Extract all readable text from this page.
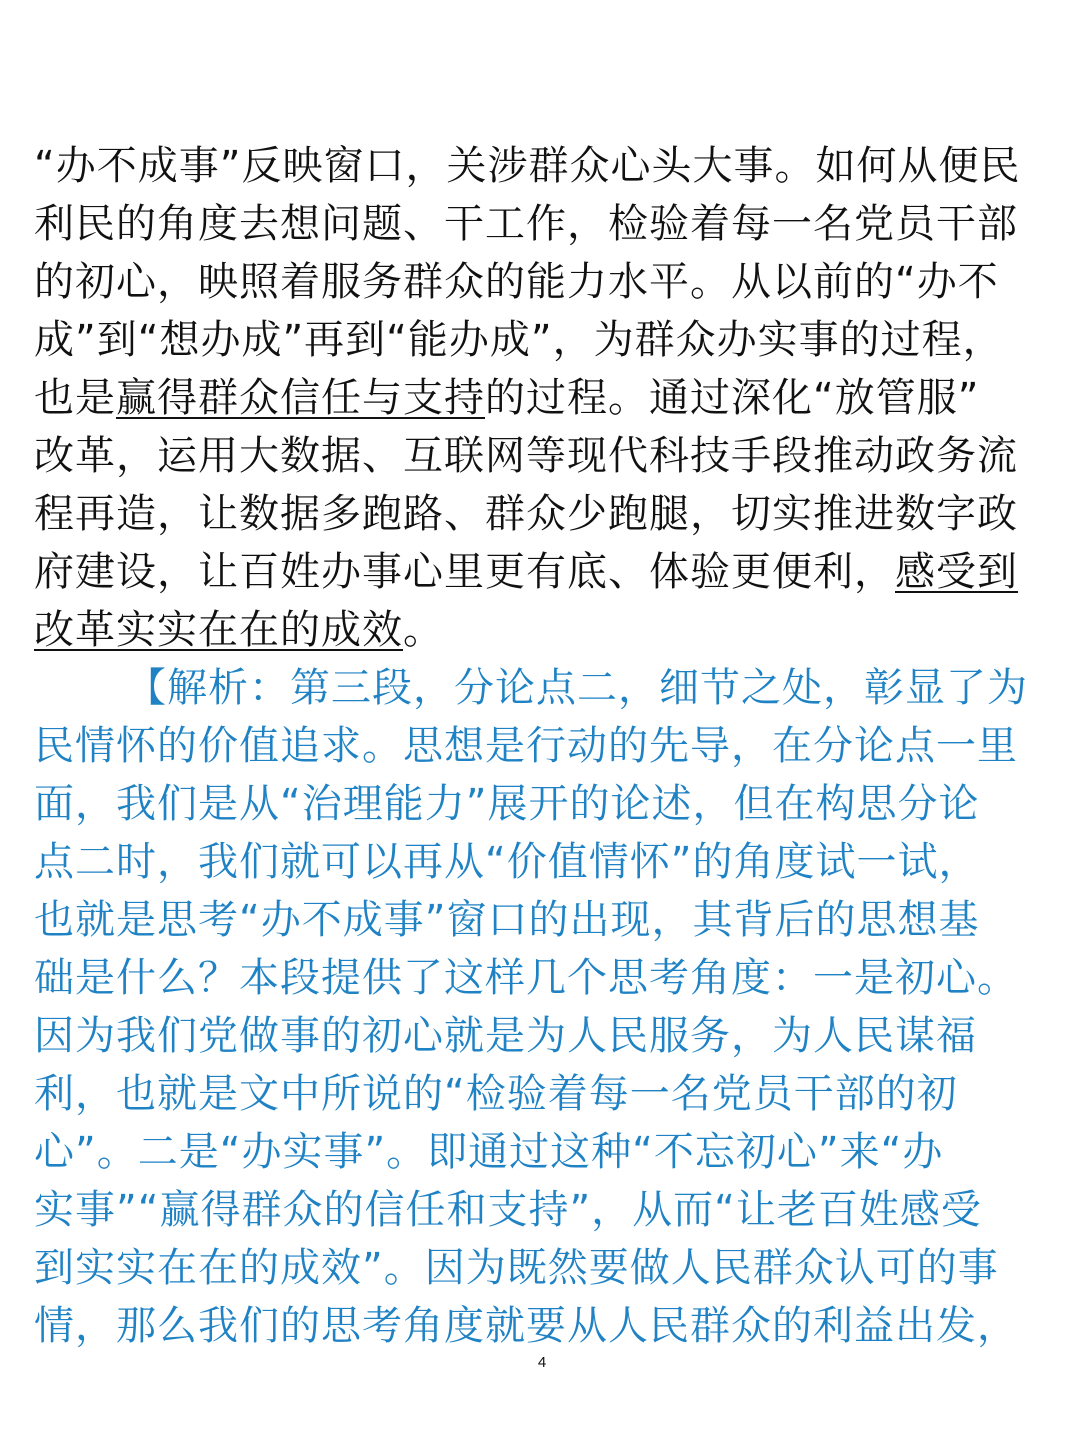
“办不成事”反映窗口，关涉群众心头大事。如何从便民
利民的角度去想问题、干工作，检验着每一名党员干部
的初心，映照着服务群众的能力水平。从以前的“办不
成”到“想办成”再到“能办成”，为群众办实事的过程，
也是赢得群众信任与支持的过程。通过深化“放管服”
改革，运用大数据、互联网等现代科技手段推动政务流
程再造，让数据多跑路、群众少跑腿，切实推进数字政
府建设，让百姓办事心里更有底、体验更便利，感受到
改革实实在在的成效。
【解析：第三段，分论点二，细节之处，彰显了为
民情怀的价值追求。思想是行动的先导，在分论点一里
面，我们是从“治理能力”展开的论述，但在构思分论
点二时，我们就可以再从“价值情怀”的角度试一试，
也就是思考“办不成事”窗口的出现，其背后的思想基
础是什么？本段提供了这样几个思考角度：一是初心。
因为我们党做事的初心就是为人民服务，为人民谋福
利，也就是文中所说的“检验着每一名党员干部的初
心”。二是“办实事”。即通过这种“不忘初心”来“办
实事”“赢得群众的信任和支持”，从而“让老百姓感受
到实实在在的成效”。因为既然要做人民群众认可的事
情，那么我们的思考角度就要从人民群众的利益出发，
4
